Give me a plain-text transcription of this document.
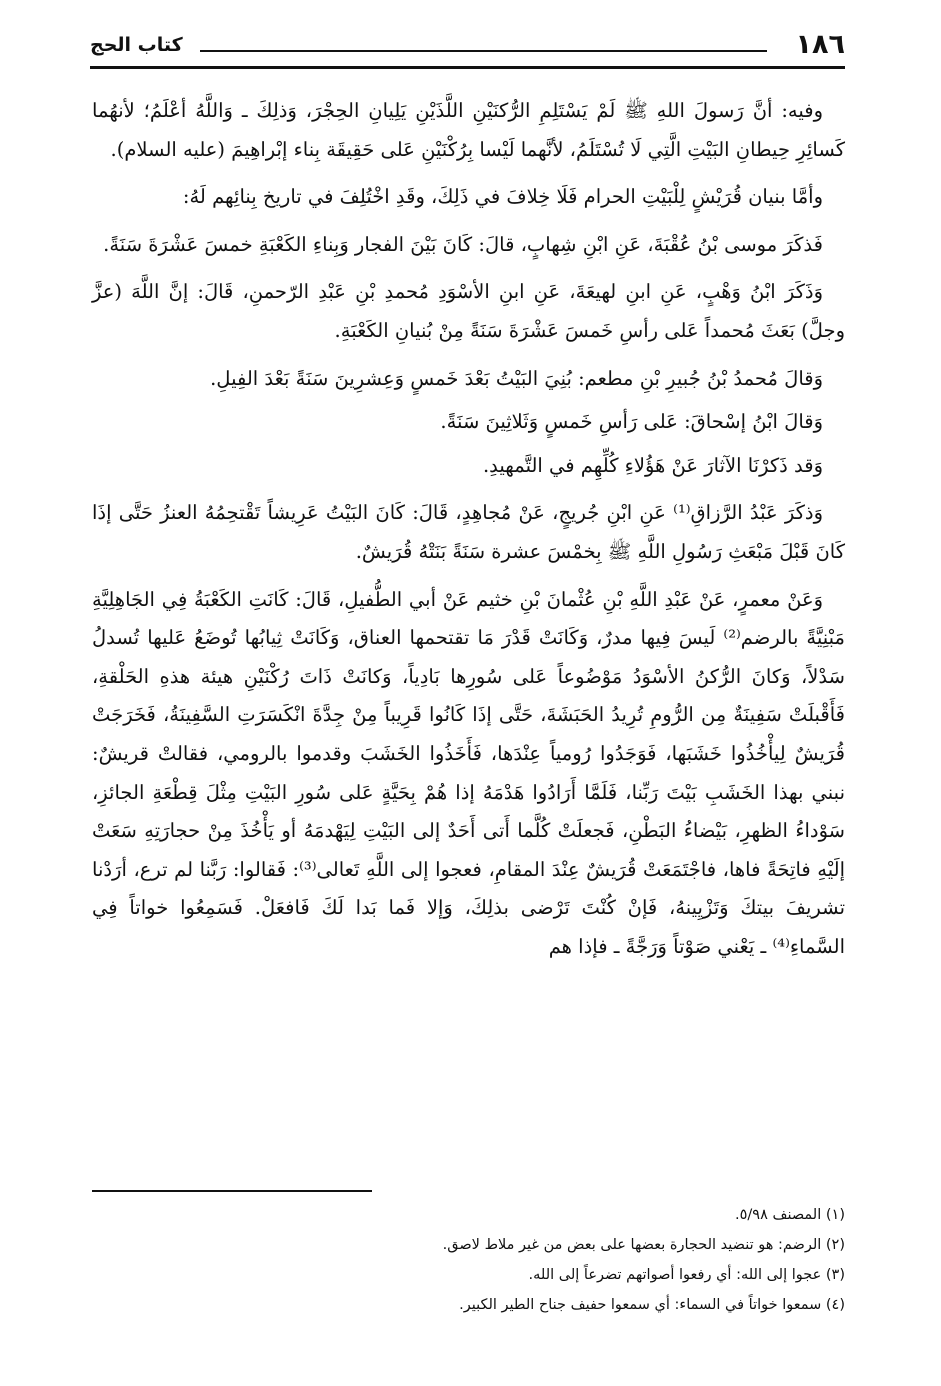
١٨٦
كتاب الحج

وفيه: أنَّ رَسولَ اللهِ ﷺ لَمْ يَسْتَلِمِ الرُّكنَيْنِ اللَّذَيْنِ يَلِيانِ الحِجْرَ، وَذلِكَ ـ وَاللَّهُ أعْلَمُ؛ لأنهُما كَسائِرِ حِيطانِ البَيْتِ الَّتِي لَا تُسْتَلَمُ، لأنَّهما لَيْسا بِرُكْنَيْنِ عَلى حَقِيقَة بِناء إبْراهِيمَ (عليه السلام).

وأمَّا بنيان قُرَيْشٍ لِلْبَيْتِ الحرام فَلَا خِلافَ في ذَلِكَ، وقَدِ اخْتُلِفَ في تاريخ بِنائِهم لَهُ:

فَذكَرَ موسى بْنُ عُقْبَةَ، عَنِ ابْنِ شِهابٍ، قالَ: كَانَ بَيْنَ الفجار وَبِناءِ الكَعْبَةِ خمسَ عَشْرَةَ سَنَةً.

وَذَكَرَ ابْنُ وَهْبٍ، عَنِ ابنِ لهيعَةَ، عَنِ ابنِ الأسْوَدِ مُحمدِ بْنِ عَبْدِ الرّحمنِ، قَالَ: إنَّ اللَّهَ (عزَّ وجلَّ) بَعَثَ مُحمداً عَلى رأسِ خَمسَ عَشْرَةَ سَنَةً مِنْ بُنيانِ الكَعْبَةِ.

وَقالَ مُحمدُ بْنُ جُبيرِ بْنِ مطعم: بُنِيَ البَيْتُ بَعْدَ خَمسٍ وَعِشرِينَ سَنَةً بَعْدَ الفِيلِ.

وَقالَ ابْنُ إسْحاقَ: عَلى رَأسِ خَمسٍ وَثَلاثِينَ سَنَةً.

وَقد ذَكرْنَا الآثارَ عَنْ هَؤُلاءِ كُلِّهِم في التَّمهيدِ.

وَذكَرَ عَبْدُ الرَّزاقِ⁽¹⁾ عَنِ ابْنِ جُريجٍ، عَنْ مُجاهِدٍ، قَالَ: كَانَ البَيْتُ عَرِيشاً تَقْتحِمُهُ العنزُ حَتَّى إذَا كَانَ قَبْلَ مَبْعَثِ رَسُولِ اللَّهِ ﷺ بِخمْسَ عشرة سَنَةً بَنَتْهُ قُرَيشٌ.

وَعَنْ معمرٍ، عَنْ عَبْدِ اللَّهِ بْنِ عُثْمانَ بْنِ خثيم عَنْ أبي الطُّفيلِ، قَالَ: كَانَتِ الكَعْبَةُ فِي الجَاهِلِيَّةِ مَبْنِيَّةً بالرضم⁽²⁾ لَيسَ فِيها مدرٌ، وَكَانَتْ قَدْرَ مَا تقتحمها العناق، وَكَانَتْ ثِيابُها تُوضَعُ عَليها تُسدلُ سَدْلاً، وَكانَ الرُّكنُ الأسْوَدُ مَوْضُوعاً عَلى سُورِها بَادِياً، وَكانَتْ ذَاتَ رُكْنَيْنِ هيئة هذهِ الحَلْقةِ، فَأَقْبلَتْ سَفِينَةٌ مِن الرُّومِ تُرِيدُ الحَبَشَةَ، حَتَّى إذَا كَانُوا قَرِيباً مِنْ جِدَّةَ انْكَسَرَتِ السَّفِينَةُ، فَخَرَجَتْ قُرَيشٌ لِيأْخُذُوا خَشَبَها، فَوَجَدُوا رُومياً عِنْدَها، فَأَخَذُوا الخَشَبَ وقدموا بالرومي، فقالتْ قريشٌ: نبني بهذا الخَشَبِ بَيْتَ رَبِّنا، فَلَمَّا أَرَادُوا هَدْمَهُ إذا هُمْ بِحَيَّةٍ عَلى سُورِ البَيْتِ مِثْلَ قِطْعَةِ الجائزِ، سَوْداءُ الظهرِ، بَيْضاءُ البَطْنِ، فَجعلَتْ كُلَّما أَتى أَحَدٌ إلى البَيْتِ لِيَهْدمَهُ أو يَأْخُذَ مِنْ حجارَتِهِ سَعَتْ إلَيْهِ فاتِحَةً فاها، فاجْتَمَعَتْ قُرَيشٌ عِنْدَ المقامِ، فعجوا إلى اللَّهِ تَعالى⁽³⁾: فَقالوا: رَبَّنا لم ترع، أرَدْنا تشريفَ بيتكَ وَتَزْيِينهُ، فَإنْ كُنْتَ تَرْضى بذلِكَ، وَإلا فَما بَدا لَكَ فَافعَلْ. فَسَمِعُوا خواتاً فِي السَّماءِ⁽⁴⁾ ـ يَعْني صَوْتاً وَرَجَّةً ـ فإذا هم

(١) المصنف ٥/٩٨.
(٢) الرضم: هو تنضيد الحجارة بعضها على بعض من غير ملاط لاصق.
(٣) عجوا إلى الله: أي رفعوا أصواتهم تضرعاً إلى الله.
(٤) سمعوا خواتاً في السماء: أي سمعوا حفيف جناح الطير الكبير.
